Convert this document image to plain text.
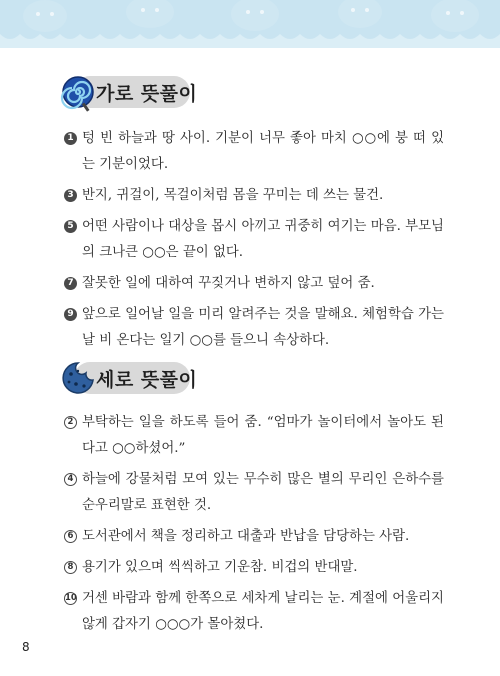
가로 뜻풀이
1 텅 빈 하늘과 땅 사이. 기분이 너무 좋아 마치 ○○에 붕 떠 있는 기분이었다.
3 반지, 귀걸이, 목걸이처럼 몸을 꾸미는 데 쓰는 물건.
5 어떤 사람이나 대상을 몹시 아끼고 귀중히 여기는 마음. 부모님의 크나큰 ○○은 끝이 없다.
7 잘못한 일에 대하여 꾸짖거나 변하지 않고 덮어 줌.
9 앞으로 일어날 일을 미리 알려주는 것을 말해요. 체험학습 가는 날 비 온다는 일기 ○○를 들으니 속상하다.
세로 뜻풀이
2 부탁하는 일을 하도록 들어 줌. “엄마가 놀이터에서 놀아도 된다고 ○○하셨어.”
4 하늘에 강물처럼 모여 있는 무수히 많은 별의 무리인 은하수를 순우리말로 표현한 것.
6 도서관에서 책을 정리하고 대출과 반납을 담당하는 사람.
8 용기가 있으며 씩씩하고 기운참. 비겁의 반대말.
10 거센 바람과 함께 한쪽으로 세차게 날리는 눈. 계절에 어울리지 않게 갑자기 ○○○가 몰아쳤다.
8
